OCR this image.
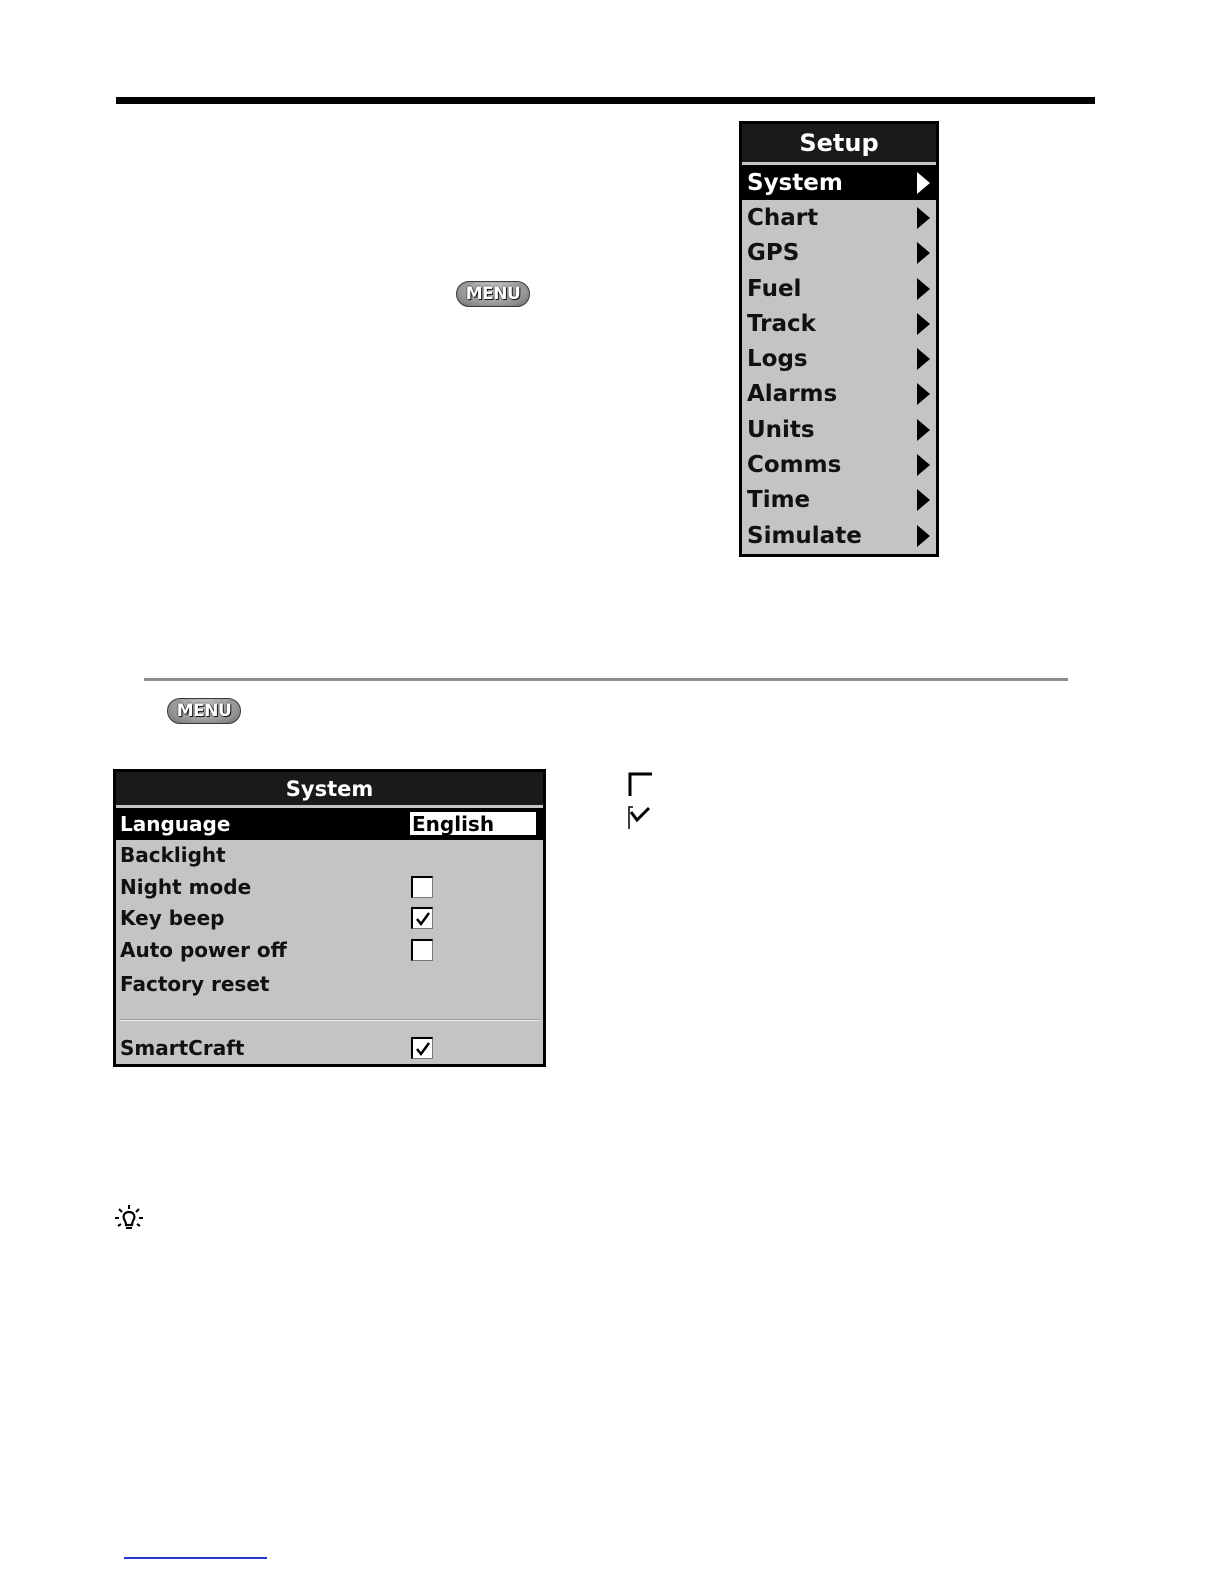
MENU
Setup
System
Chart
GPS
Fuel
Track
Logs
Alarms
Units
Comms
Time
Simulate
MENU
System
Language	English
Backlight
Night mode
Key beep
Auto power off
Factory reset
SmartCraft
